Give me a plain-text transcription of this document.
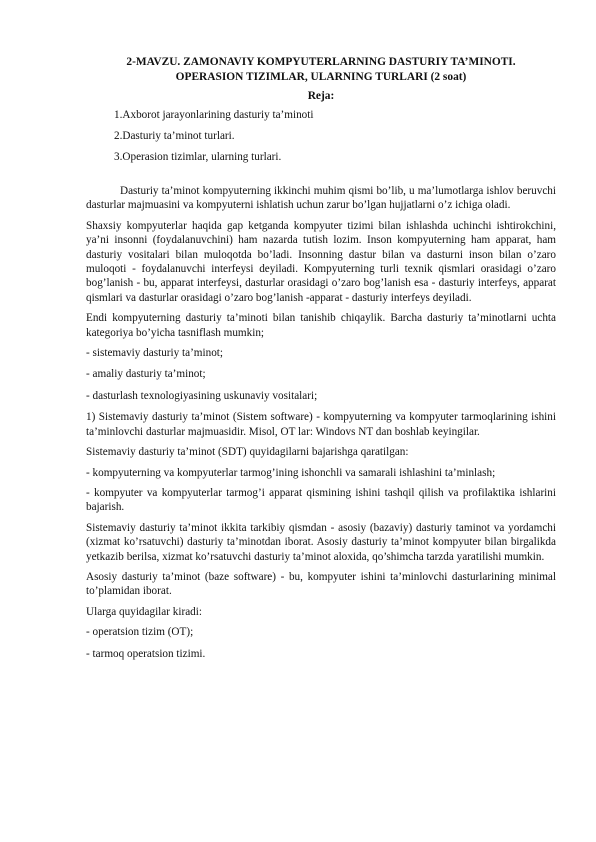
2-MAVZU. ZAMONAVIY KOMPYUTERLARNING DASTURIY TA’MINOTI.

OPERASION TIZIMLAR, ULARNING TURLARI (2 soat)

Reja:

1.Axborot jarayonlarining dasturiy ta’minoti

2.Dasturiy ta’minot turlari.

3.Operasion tizimlar, ularning turlari.

Dasturiy ta’minot kompyuterning ikkinchi muhim qismi bo’lib, u ma’lumotlarga ishlov beruvchi dasturlar majmuasini va kompyuterni ishlatish uchun zarur bo’lgan hujjatlarni o’z ichiga oladi.

Shaxsiy kompyuterlar haqida gap ketganda kompyuter tizimi bilan ishlashda uchinchi ishtirokchini, ya’ni insonni (foydalanuvchini) ham nazarda tutish lozim. Inson kompyuterning ham apparat, ham dasturiy vositalari bilan muloqotda bo’ladi. Insonning dastur bilan va dasturni inson bilan o’zaro muloqoti - foydalanuvchi interfeysi deyiladi. Kompyuterning turli texnik qismlari orasidagi o’zaro bog’lanish - bu, apparat interfeysi, dasturlar orasidagi o’zaro bog’lanish esa - dasturiy interfeys, apparat qismlari va dasturlar orasidagi o’zaro bog’lanish -apparat - dasturiy interfeys deyiladi.

Endi kompyuterning dasturiy ta’minoti bilan tanishib chiqaylik. Barcha dasturiy ta’minotlarni uchta kategoriya bo’yicha tasniflash mumkin;

- sistemaviy dasturiy ta’minot;

- amaliy dasturiy ta’minot;

- dasturlash texnologiyasining uskunaviy vositalari;

1) Sistemaviy dasturiy ta’minot (Sistem software) - kompyuterning va kompyuter tarmoqlarining ishini ta’minlovchi dasturlar majmuasidir. Misol, OT lar: Windovs NT dan boshlab keyingilar.

Sistemaviy dasturiy ta’minot (SDT) quyidagilarni bajarishga qaratilgan:

- kompyuterning va kompyuterlar tarmog’ining ishonchli va samarali ishlashini ta’minlash;

- kompyuter va kompyuterlar tarmog’i apparat qismining ishini tashqil qilish va profilaktika ishlarini bajarish.

Sistemaviy dasturiy ta’minot ikkita tarkibiy qismdan - asosiy (bazaviy) dasturiy taminot va yordamchi (xizmat ko’rsatuvchi) dasturiy ta’minotdan iborat. Asosiy dasturiy ta’minot kompyuter bilan birgalikda yetkazib berilsa, xizmat ko’rsatuvchi dasturiy ta’minot aloxida, qo’shimcha tarzda yaratilishi mumkin.

Asosiy dasturiy ta’minot (baze software) - bu, kompyuter ishini ta’minlovchi dasturlarining minimal to’plamidan iborat.

Ularga quyidagilar kiradi:

- operatsion tizim (OT);

- tarmoq operatsion tizimi.
